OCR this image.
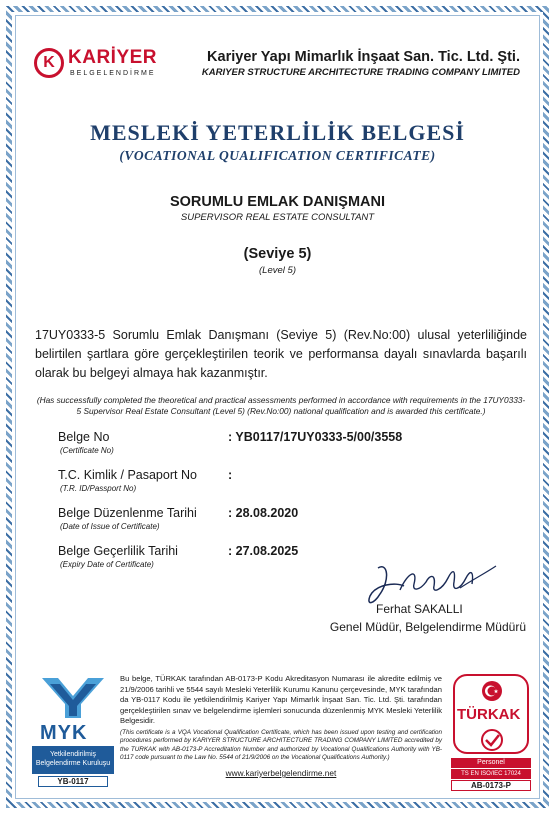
K KARİYER
BELGELENDİRME
Kariyer Yapı Mimarlık İnşaat San. Tic. Ltd. Şti.
KARIYER STRUCTURE ARCHITECTURE TRADING COMPANY LIMITED
MESLEKİ YETERLİLİK BELGESİ
(VOCATIONAL QUALIFICATION CERTIFICATE)
SORUMLU EMLAK DANIŞMANI
SUPERVISOR REAL ESTATE CONSULTANT
(Seviye 5)
(Level 5)
17UY0333-5 Sorumlu Emlak Danışmanı (Seviye 5) (Rev.No:00) ulusal yeterliliğinde belirtilen şartlara göre gerçekleştirilen teorik ve performansa dayalı sınavlarda başarılı olarak bu belgeyi almaya hak kazanmıştır.
(Has successfully completed the theoretical and practical assessments performed in accordance with requirements in the 17UY0333-5 Supervisor Real Estate Consultant (Level 5) (Rev.No:00) national qualification and is awarded this certificate.)
Belge No
(Certificate No)
: YB0117/17UY0333-5/00/3558
T.C. Kimlik / Pasaport No
(T.R. ID/Passport No)
:
Belge Düzenlenme Tarihi
(Date of Issue of Certificate)
: 28.08.2020
Belge Geçerlilik Tarihi
(Expiry Date of Certificate)
: 27.08.2025
Ferhat SAKALLI
Genel Müdür, Belgelendirme Müdürü
MYK
Yetkilendirilmiş Belgelendirme Kuruluşu
YB-0117
Bu belge, TÜRKAK tarafından AB-0173-P Kodu Akreditasyon Numarası ile akredite edilmiş ve 21/9/2006 tarihli ve 5544 sayılı Mesleki Yeterlilik Kurumu Kanunu çerçevesinde, MYK tarafından da YB-0117 Kodu ile yetkilendirilmiş Kariyer Yapı Mimarlık İnşaat San. Tic. Ltd. Şti. tarafından gerçekleştirilen sınav ve belgelendirme işlemleri sonucunda düzenlenmiş MYK Mesleki Yeterlilik Belgesidir.
(This certificate is a VQA Vocational Qualification Certificate, which has been issued upon testing and certification procedures performed by KARIYER STRUCTURE ARCHITECTURE TRADING COMPANY LIMITED accredited by the TURKAK with AB-0173-P Accreditation Number and authorized by Vocational Qualifications Authority with YB-0117 code pursuant to the Law No. 5544 of 21/9/2006 on the Vocational Qualifications Authority.)
www.kariyerbelgelendirme.net
TÜRKAK
Personel
TS EN ISO/IEC 17024
AB-0173-P
